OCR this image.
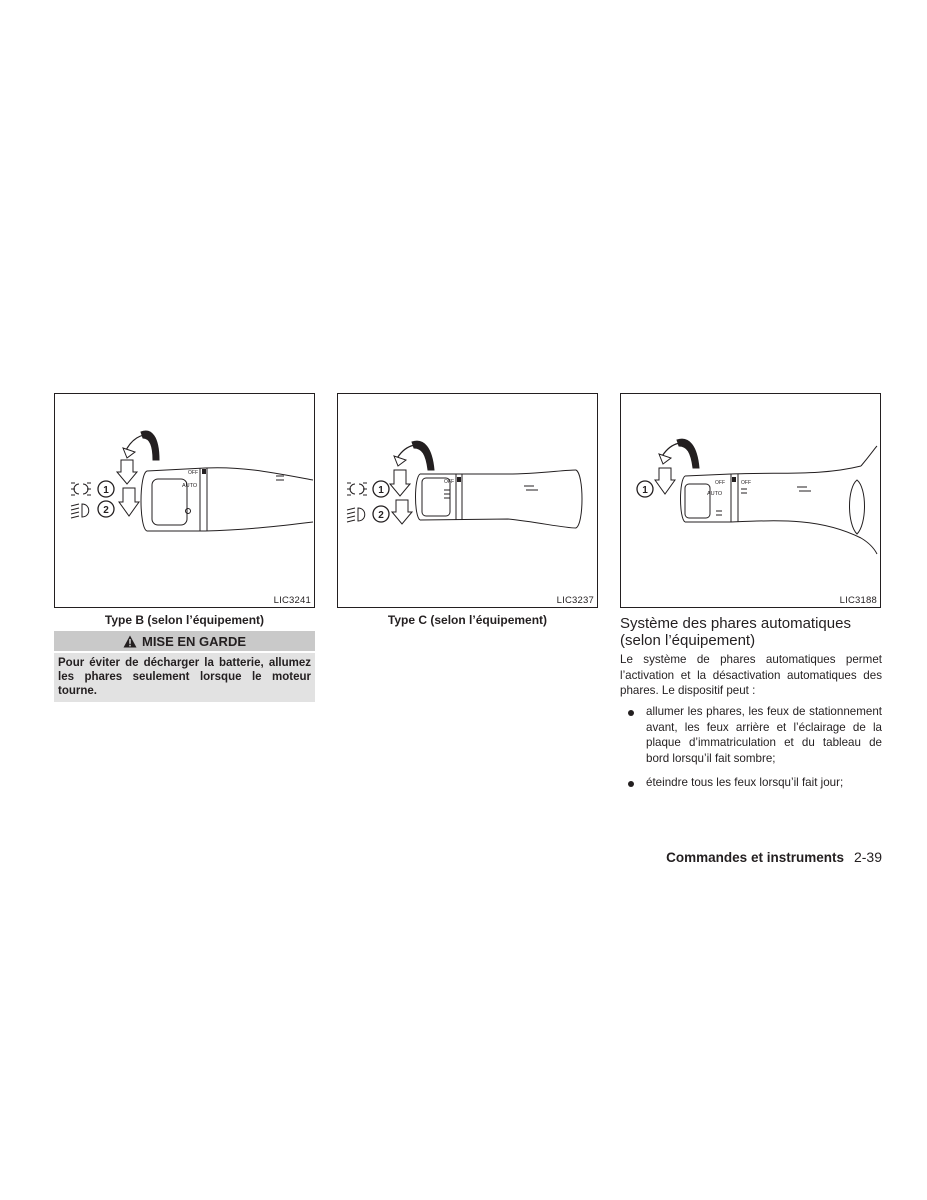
OFF
AUTO
1
2
LIC3241
Type B (selon l’équipement)
OFF
1
2
LIC3237
Type C (selon l’équipement)
OFF	OFF
AUTO
1
LIC3188
MISE EN GARDE
Pour éviter de décharger la batterie, allumez les phares seulement lorsque le moteur tourne.
Système des phares automatiques (selon l’équipement)
Le système de phares automatiques permet l’activation et la désactivation automatiques des phares. Le dispositif peut :
allumer les phares, les feux de stationnement avant, les feux arrière et l’éclairage de la plaque d’immatriculation et du tableau de bord lorsqu’il fait sombre;
éteindre tous les feux lorsqu’il fait jour;
Commandes et instruments 2-39
